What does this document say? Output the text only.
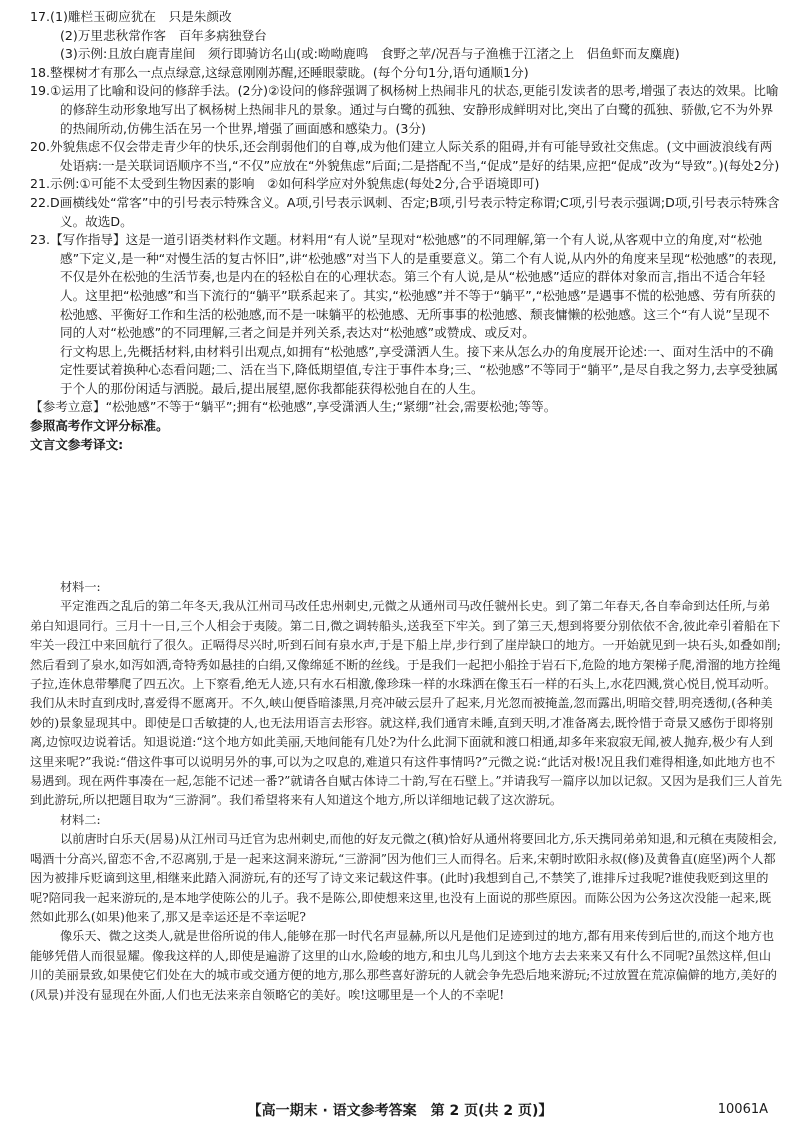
17.(1)雕栏玉砌应犹在　只是朱颜改

(2)万里悲秋常作客　百年多病独登台

(3)示例:且放白鹿青崖间　须行即骑访名山(或:呦呦鹿鸣　食野之苹/况吾与子渔樵于江渚之上　侣鱼虾而友麋鹿)

18.整棵树才有那么一点点绿意,这绿意刚刚苏醒,还睡眼蒙眬。(每个分句1分,语句通顺1分)

19.①运用了比喻和设问的修辞手法。(2分)②设问的修辞强调了枫杨树上热闹非凡的状态,更能引发读者的思考,增强了表达的效果。比喻的修辞生动形象地写出了枫杨树上热闹非凡的景象。通过与白鹭的孤独、安静形成鲜明对比,突出了白鹭的孤独、骄傲,它不为外界的热闹所动,仿佛生活在另一个世界,增强了画面感和感染力。(3分)

20.外貌焦虑不仅会带走青少年的快乐,还会削弱他们的自尊,成为他们建立人际关系的阻碍,并有可能导致社交焦虑。(文中画波浪线有两处语病:一是关联词语顺序不当,“不仅”应放在“外貌焦虑”后面;二是搭配不当,“促成”是好的结果,应把“促成”改为“导致”。)(每处2分)

21.示例:①可能不太受到生物因素的影响　②如何科学应对外貌焦虑(每处2分,合乎语境即可)

22.D画横线处“常客”中的引号表示特殊含义。A项,引号表示讽刺、否定;B项,引号表示特定称谓;C项,引号表示强调;D项,引号表示特殊含义。故选D。

23.【写作指导】这是一道引语类材料作文题。材料用“有人说”呈现对“松弛感”的不同理解,第一个有人说,从客观中立的角度,对“松弛感”下定义,是一种“对慢生活的复古怀旧”,讲“松弛感”对当下人的是重要意义。第二个有人说,从内外的角度来呈现“松弛感”的表现,不仅是外在松弛的生活节奏,也是内在的轻松自在的心理状态。第三个有人说,是从“松弛感”适应的群体对象而言,指出不适合年轻人。这里把“松弛感”和当下流行的“躺平”联系起来了。其实,“松弛感”并不等于“躺平”,“松弛感”是遇事不慌的松弛感、劳有所获的松弛感、平衡好工作和生活的松弛感,而不是一味躺平的松弛感、无所事事的松弛感、颓丧慵懒的松弛感。这三个“有人说”呈现不同的人对“松弛感”的不同理解,三者之间是并列关系,表达对“松弛感”或赞成、或反对。

行文构思上,先概括材料,由材料引出观点,如拥有“松弛感”,享受潇洒人生。接下来从怎么办的角度展开论述:一、面对生活中的不确定性要试着换种心态看问题;二、活在当下,降低期望值,专注于事件本身;三、“松弛感”不等同于“躺平”,是尽自我之努力,去享受独属于个人的那份闲适与洒脱。最后,提出展望,愿你我都能获得松弛自在的人生。

【参考立意】“松弛感”不等于“躺平”;拥有“松弛感”,享受潇洒人生;“紧绷”社会,需要松弛;等等。

参照高考作文评分标准。

文言文参考译文:

材料一:

平定淮西之乱后的第二年冬天,我从江州司马改任忠州刺史,元微之从通州司马改任虢州长史。到了第二年春天,各自奉命到达任所,与弟弟白知退同行。三月十一日,三个人相会于夷陵。第二日,微之调转船头,送我至下牢关。到了第三天,想到将要分别依依不舍,彼此牵引着船在下牢关一段江中来回航行了很久。正嗝得尽兴时,听到石间有泉水声,于是下船上岸,步行到了崖岸缺口的地方。一开始就见到一块石头,如叠如削;然后看到了泉水,如泻如洒,奇特秀如悬挂的白绢,又像绵延不断的丝线。于是我们一起把小船拴于岩石下,危险的地方架梯子爬,滑溜的地方拴绳子拉,连休息带攀爬了四五次。上下察看,绝无人迹,只有水石相激,像珍珠一样的水珠洒在像玉石一样的石头上,水花四溅,赏心悦目,悦耳动听。我们从未时直到戌时,喜爱得不愿离开。不久,峡山便昏暗漆黑,月亮冲破云层升了起来,月光忽而被掩盖,忽而露出,明暗交替,明亮透彻,(各种美妙的)景象显现其中。即使是口舌敏捷的人,也无法用语言去形容。就这样,我们通宵未睡,直到天明,才准备离去,既怜惜于奇景又感伤于即将别离,边惊叹边说着话。知退说道:“这个地方如此美丽,天地间能有几处?为什么此洞下面就和渡口相通,却多年来寂寂无闻,被人抛弃,极少有人到这里来呢?”我说:“借这件事可以说明另外的事,可以为之叹息的,难道只有这件事情吗?”元微之说:“此话对极!况且我们难得相逢,如此地方也不易遇到。现在两件事凑在一起,怎能不记述一番?”就请各自赋古体诗二十韵,写在石壁上。”并请我写一篇序以加以记叙。又因为是我们三人首先到此游玩,所以把题目取为“三游洞”。我们希望将来有人知道这个地方,所以详细地记载了这次游玩。

材料二:

以前唐时白乐天(居易)从江州司马迁官为忠州刺史,而他的好友元微之(稹)恰好从通州将要回北方,乐天携同弟弟知退,和元稹在夷陵相会,喝酒十分高兴,留恋不舍,不忍离别,于是一起来这洞来游玩,“三游洞”因为他们三人而得名。后来,宋朝时欧阳永叔(修)及黄鲁直(庭坚)两个人都因为被排斥贬谪到这里,相继来此踏入洞游玩,有的还写了诗文来记载这件事。(此时)我想到自己,不禁笑了,谁排斥过我呢?谁使我贬到这里的呢?陪同我一起来游玩的,是本地学使陈公的儿子。我不是陈公,即使想来这里,也没有上面说的那些原因。而陈公因为公务这次没能一起来,既然如此那么(如果)他来了,那又是幸运还是不幸运呢?

像乐天、微之这类人,就是世俗所说的伟人,能够在那一时代名声显赫,所以凡是他们足迹到过的地方,都有用来传到后世的,而这个地方也能够凭借人而很显耀。像我这样的人,即使是遍游了这里的山水,险峻的地方,和虫儿鸟儿到这个地方去去来来又有什么不同呢?虽然这样,但山川的美丽景致,如果使它们处在大的城市或交通方便的地方,那么那些喜好游玩的人就会争先恐后地来游玩;不过放置在荒凉偏僻的地方,美好的(风景)并没有显现在外面,人们也无法来亲自领略它的美好。唉!这哪里是一个人的不幸呢!

【高一期末 · 语文参考答案　第 2 页(共 2 页)】	10061A
